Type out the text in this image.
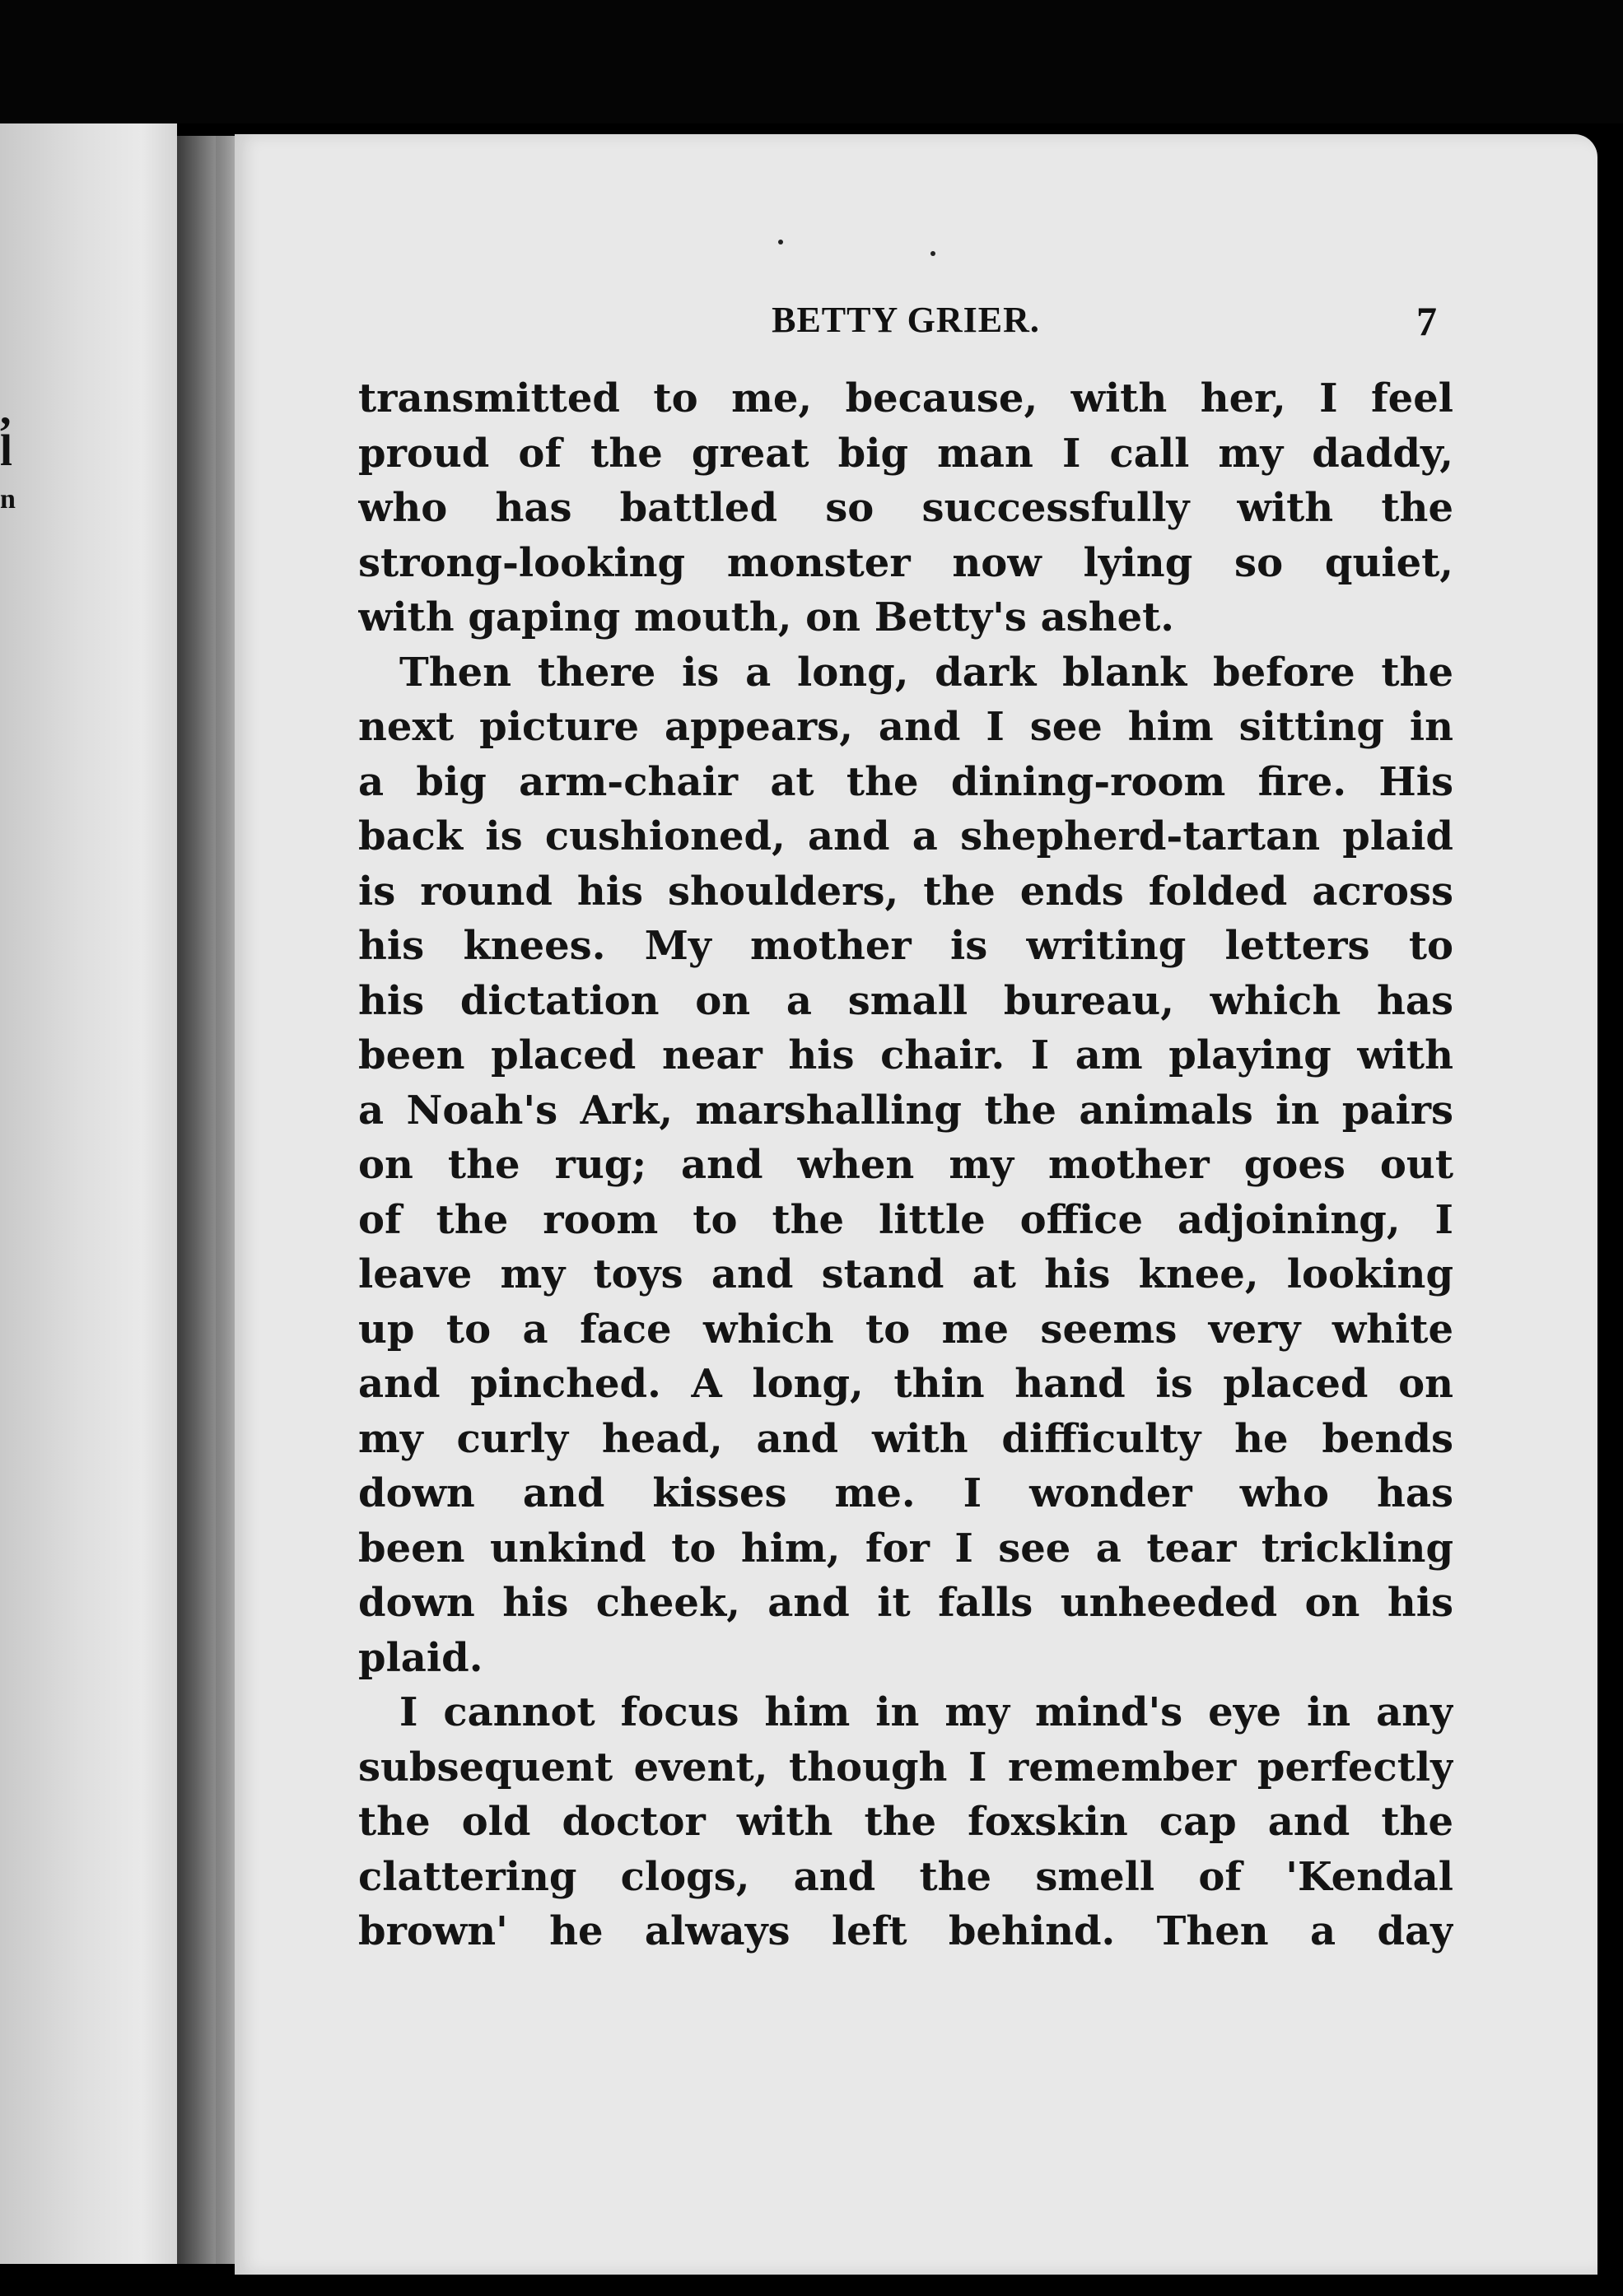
,
l
n
BETTY GRIER.	7

transmitted to me, because, with her, I feel
proud of the great big man I call my daddy,
who has battled so successfully with the
strong-looking monster now lying so quiet,
with gaping mouth, on Betty's ashet.

Then there is a long, dark blank before the
next picture appears, and I see him sitting in
a big arm-chair at the dining-room fire. His
back is cushioned, and a shepherd-tartan plaid
is round his shoulders, the ends folded across
his knees. My mother is writing letters to
his dictation on a small bureau, which has
been placed near his chair. I am playing with
a Noah's Ark, marshalling the animals in pairs
on the rug; and when my mother goes out
of the room to the little office adjoining, I
leave my toys and stand at his knee, looking
up to a face which to me seems very white
and pinched. A long, thin hand is placed on
my curly head, and with difficulty he bends
down and kisses me. I wonder who has
been unkind to him, for I see a tear trickling
down his cheek, and it falls unheeded on his
plaid.

I cannot focus him in my mind's eye in any
subsequent event, though I remember perfectly
the old doctor with the foxskin cap and the
clattering clogs, and the smell of 'Kendal
brown' he always left behind. Then a day
